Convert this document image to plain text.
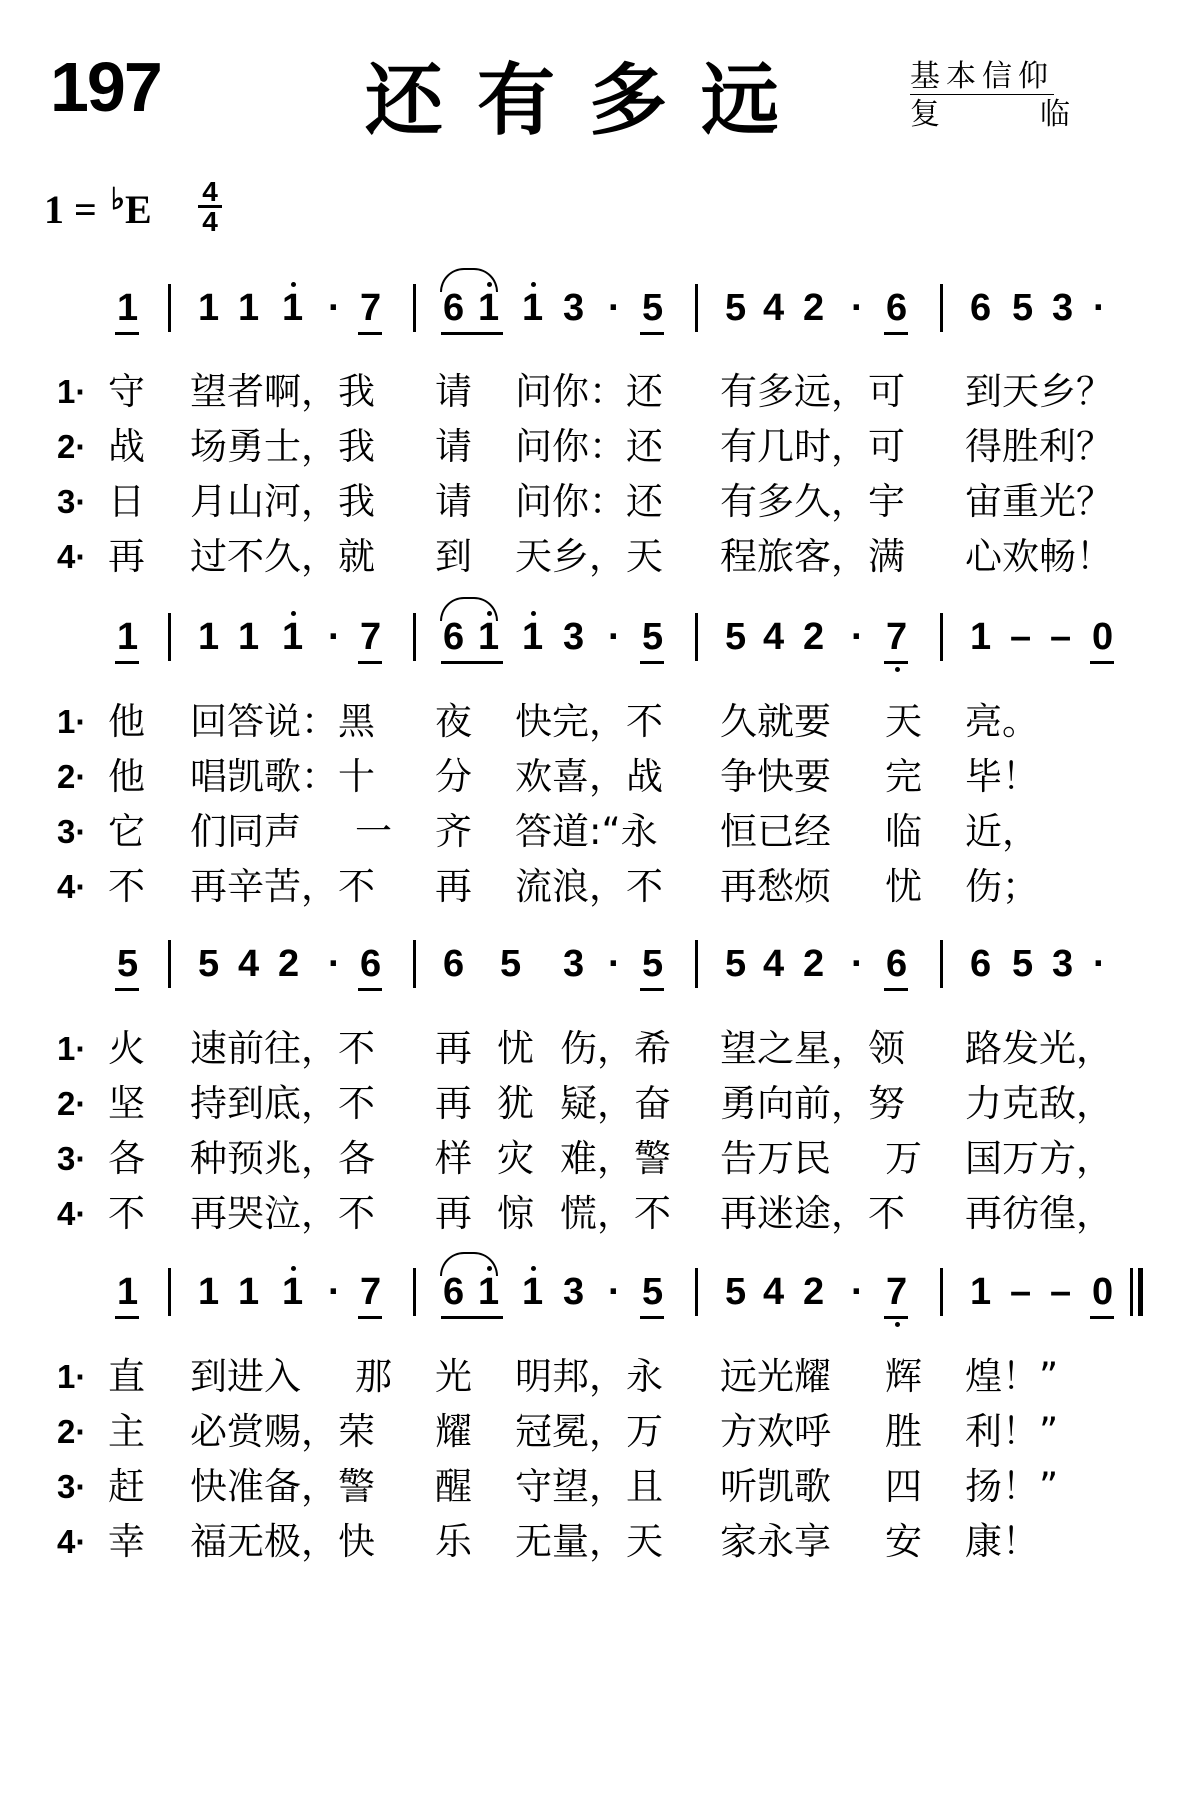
197	还有多远	基本信仰
复	临
1 = ♭E 4
4
1 1 1 1 · 7 6 1 1 3 · 5 5 4 2 · 6 6 5 3 ·
1· 守 望者啊，我 请 问你：还 有多远，可 到天乡？
2· 战 场勇士，我 请 问你：还 有几时，可 得胜利？
3· 日 月山河，我 请 问你：还 有多久，宇 宙重光？
4· 再 过不久，就 到 天乡，天 程旅客，满 心欢畅！
1 1 1 1 · 7 6 1 1 3 · 5 5 4 2 · 7 1 – – 0
1· 他 回答说：黑 夜 快完，不 久就要 天 亮。
2· 他 唱凯歌：十 分 欢喜，战 争快要 完 毕！
3· 它 们同声 一 齐 答道:“永 恒已经 临 近，
4· 不 再辛苦，不 再 流浪，不 再愁烦 忧 伤；
5 5 4 2 · 6 6 5 3 · 5 5 4 2 · 6 6 5 3 ·
1· 火 速前往，不 再 忧 伤，希 望之星，领 路发光，
2· 坚 持到底，不 再 犹 疑，奋 勇向前，努 力克敌，
3· 各 种预兆，各 样 灾 难，警 告万民 万 国万方，
4· 不 再哭泣，不 再 惊 慌，不 再迷途，不 再彷徨，
1 1 1 1 · 7 6 1 1 3 · 5 5 4 2 · 7 1 – – 0
1· 直 到进入 那 光 明邦，永 远光耀 辉 煌！”
2· 主 必赏赐，荣 耀 冠冕，万 方欢呼 胜 利！”
3· 赶 快准备，警 醒 守望，且 听凯歌 四 扬！”
4· 幸 福无极，快 乐 无量，天 家永享 安 康！
